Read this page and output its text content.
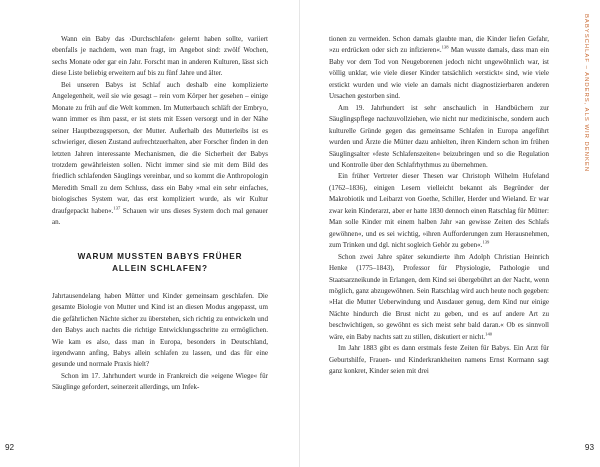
Wann ein Baby das ›Durchschlafen‹ gelernt haben sollte, variiert ebenfalls je nachdem, wen man fragt, im Angebot sind: zwölf Wochen, sechs Monate oder gar ein Jahr. Forscht man in anderen Kulturen, lässt sich diese Liste beliebig erweitern auf bis zu fünf Jahre und älter.

Bei unseren Babys ist Schlaf auch deshalb eine komplizierte Angelegenheit, weil sie wie gesagt – rein vom Körper her gesehen – einige Monate zu früh auf die Welt kommen. Im Mutterbauch schläft der Embryo, wann immer es ihm passt, er ist stets mit Essen versorgt und in der Nähe seiner Hauptbezugsperson, der Mutter. Außerhalb des Mutterleibs ist es schwieriger, diesen Zustand aufrechtzuerhalten, aber Forscher finden in den letzten Jahren interessante Mechanismen, die die Sicherheit der Babys trotzdem gewährleisten sollen. Nicht immer sind sie mit dem Bild des friedlich schlafenden Säuglings vereinbar, und so kommt die Anthropologin Meredith Small zu dem Schluss, dass ein Baby »mal ein sehr einfaches, biologisches System war, das erst kompliziert wurde, als wir Kultur draufgepackt haben«.$^{137}$ Schauen wir uns dieses System doch mal genauer an.

WARUM MUSSTEN BABYS FRÜHER
ALLEIN SCHLAFEN?

Jahrtausendelang haben Mütter und Kinder gemeinsam geschlafen. Die gesamte Biologie von Mutter und Kind ist an diesen Modus angepasst, um die gefährlichen Nächte sicher zu überstehen, sich richtig zu entwickeln und den Babys auch nachts die richtige Entwicklungsschritte zu ermöglichen. Wie kam es also, dass man in Europa, besonders in Deutschland, irgendwann anfing, Babys allein schlafen zu lassen, und das für eine gesunde und normale Praxis hielt?

Schon im 17. Jahrhundert wurde in Frankreich die »eigene Wiege« für Säuglinge gefordert, seinerzeit allerdings, um Infek-

92

tionen zu vermeiden. Schon damals glaubte man, die Kinder liefen Gefahr, »zu erdrücken oder sich zu infizieren«.$^{138}$ Man wusste damals, dass man ein Baby vor dem Tod von Neugeborenen jedoch nicht ungewöhnlich war, ist völlig unklar, wie viele dieser Kinder tatsächlich »erstickt« sind, wie viele erstickt wurden und wie viele an damals nicht diagnostizierbaren anderen Ursachen gestorben sind.

Am 19. Jahrhundert ist sehr anschaulich in Handbüchern zur Säuglingspflege nachzuvollziehen, wie nicht nur medizinische, sondern auch kulturelle Gründe gegen das gemeinsame Schlafen in Europa angeführt wurden und Ärzte die Mütter dazu anhielten, ihren Kindern schon im frühen Säuglingsalter »feste Schlafenszeiten« beizubringen und so die Regulation und Kontrolle über den Schlafrhythmus zu übernehmen.

Ein früher Vertreter dieser Thesen war Christoph Wilhelm Hufeland (1762–1836), einigen Lesern vielleicht bekannt als Begründer der Makrobiotik und Leibarzt von Goethe, Schiller, Herder und Wieland. Er war zwar kein Kinderarzt, aber er hatte 1830 dennoch einen Ratschlag für Mütter: Man solle Kinder mit einem halben Jahr »an gewisse Zeiten des Schlafs gewöhnen«, und es sei wichtig, »ihren Aufforderungen zum Herausnehmen, zum Trinken und dgl. nicht sogleich Gehör zu geben«.$^{139}$

Schon zwei Jahre später sekundierte ihm Adolph Christian Heinrich Henke (1775–1843), Professor für Physiologie, Pathologie und Staatsarzneikunde in Erlangen, dem Kind sei übergebührt an der Nacht, wenn möglich, ganz abzugewöhnen. Sein Ratschlag wird auch heute noch gegeben: »Hat die Mutter Ueberwindung und Ausdauer genug, dem Kind nur einige Nächte hindurch die Brust nicht zu geben, und es auf andere Art zu beschwichtigen, so gewöhnt es sich meist sehr bald daran.« Ob es sinnvoll wäre, ein Baby nachts satt zu stillen, diskutiert er nicht.$^{140}$

Im Jahr 1883 gibt es dann erstmals feste Zeiten für Babys. Ein Arzt für Geburtshilfe, Frauen- und Kinderkrankheiten namens Ernst Kormann sagt ganz konkret, Kinder seien mit drei

93
BABYSCHLAF – ANDERS, ALS WIR DENKEN
